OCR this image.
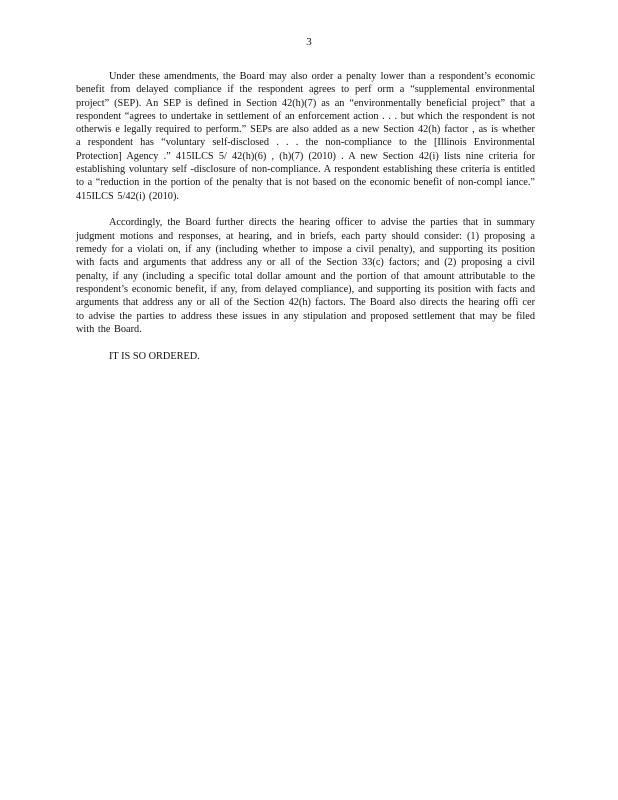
3

Under these amendments, the Board may also order a penalty lower than a respondent’s economic benefit from delayed compliance if the respondent agrees to perf orm a “supplemental environmental project” (SEP). An SEP is defined in Section 42(h)(7) as an “environmentally beneficial project” that a respondent “agrees to undertake in settlement of an enforcement action . . . but which the respondent is not otherwis e legally required to perform.” SEPs are also added as a new Section 42(h) factor , as is whether a respondent has “voluntary self-disclosed . . . the non-compliance to the [Illinois Environmental Protection] Agency .” 415ILCS 5/ 42(h)(6) , (h)(7) (2010) . A new Section 42(i) lists nine criteria for establishing voluntary self -disclosure of non-compliance. A respondent establishing these criteria is entitled to a “reduction in the portion of the penalty that is not based on the economic benefit of non-compl iance.” 415ILCS 5/42(i) (2010).

Accordingly, the Board further directs the hearing officer to advise the parties that in summary judgment motions and responses, at hearing, and in briefs, each party should consider: (1) proposing a remedy for a violati on, if any (including whether to impose a civil penalty), and supporting its position with facts and arguments that address any or all of the Section 33(c) factors; and (2) proposing a civil penalty, if any (including a specific total dollar amount and the portion of that amount attributable to the respondent’s economic benefit, if any, from delayed compliance), and supporting its position with facts and arguments that address any or all of the Section 42(h) factors. The Board also directs the hearing offi cer to advise the parties to address these issues in any stipulation and proposed settlement that may be filed with the Board.

IT IS SO ORDERED.
